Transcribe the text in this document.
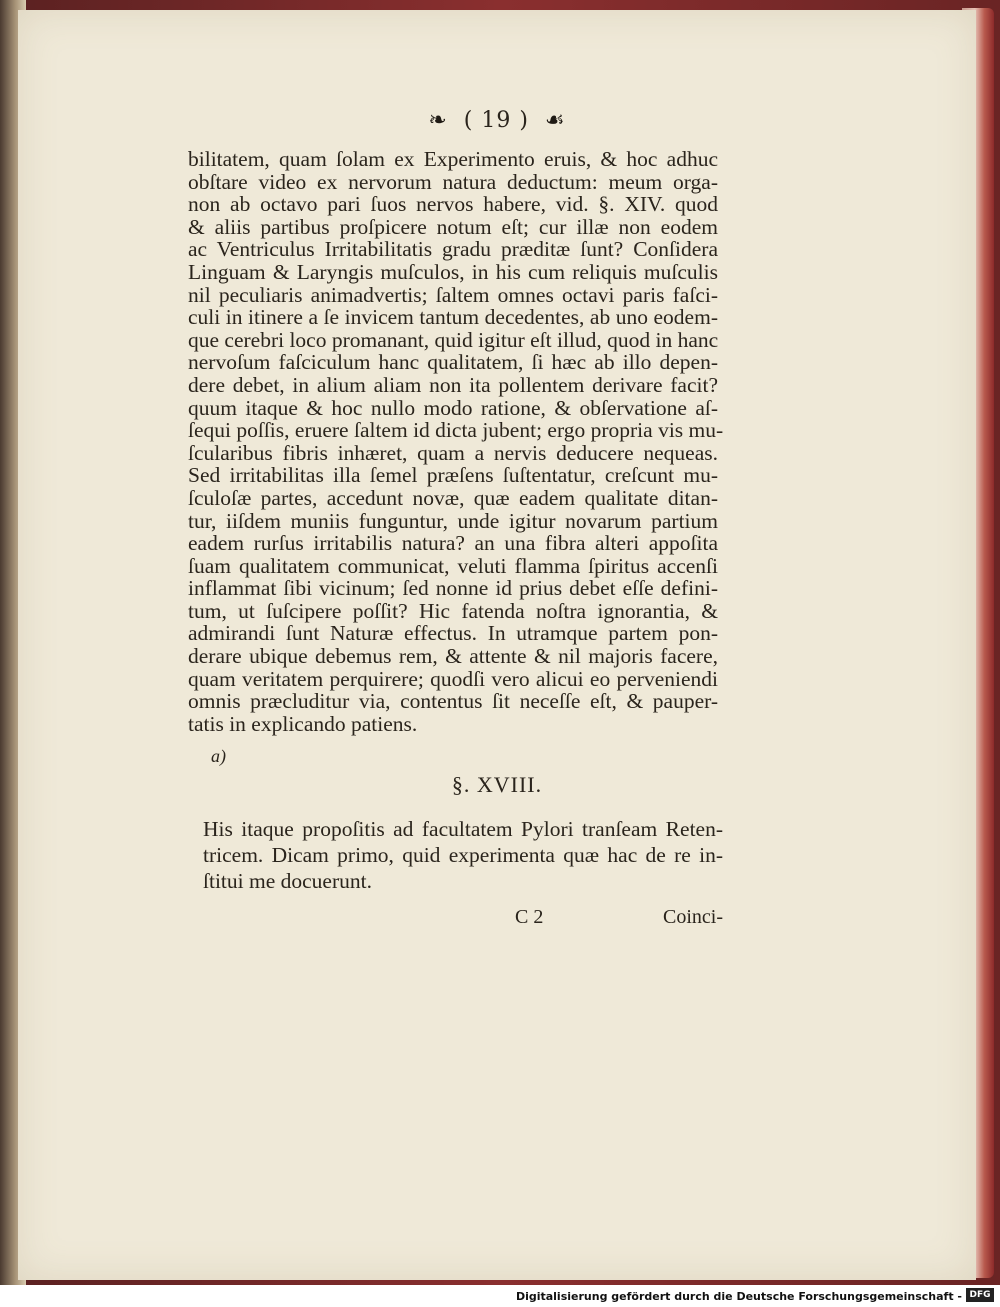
❧ ( 19 ) ☙
bilitatem, quam ſolam ex Experimento eruis, & hoc adhuc
obſtare video ex nervorum natura deductum: meum orga-
non ab octavo pari ſuos nervos habere, vid. §. XIV. quod
& aliis partibus proſpicere notum eſt; cur illæ non eodem
ac Ventriculus Irritabilitatis gradu præditæ ſunt? Conſidera
Linguam & Laryngis muſculos, in his cum reliquis muſculis
nil peculiaris animadvertis; ſaltem omnes octavi paris faſci-
culi in itinere a ſe invicem tantum decedentes, ab uno eodem-
que cerebri loco promanant, quid igitur eſt illud, quod in hanc
nervoſum faſciculum hanc qualitatem, ſi hæc ab illo depen-
dere debet, in alium aliam non ita pollentem derivare facit?
quum itaque & hoc nullo modo ratione, & obſervatione aſ-
ſequi poſſis, eruere ſaltem id dicta jubent; ergo propria vis mu-
ſcularibus fibris inhæret, quam a nervis deducere nequeas.
Sed irritabilitas illa ſemel præſens ſuſtentatur, creſcunt mu-
ſculoſæ partes, accedunt novæ, quæ eadem qualitate ditan-
tur, iiſdem muniis funguntur, unde igitur novarum partium
eadem rurſus irritabilis natura? an una fibra alteri appoſita
ſuam qualitatem communicat, veluti flamma ſpiritus accenſi
inflammat ſibi vicinum; ſed nonne id prius debet eſſe defini-
tum, ut ſuſcipere poſſit? Hic fatenda noſtra ignorantia, &
admirandi ſunt Naturæ effectus. In utramque partem pon-
derare ubique debemus rem, & attente & nil majoris facere,
quam veritatem perquirere; quodſi vero alicui eo perveniendi
omnis præcluditur via, contentus ſit neceſſe eſt, & pauper-
tatis in explicando patiens.
a)
§. XVIII.
His itaque propoſitis ad facultatem Pylori tranſeam Reten-
tricem. Dicam primo, quid experimenta quæ hac de re in-
ſtitui me docuerunt.
C 2	Coinci-
Digitalisierung gefördert durch die Deutsche Forschungsgemeinschaft - DFG
